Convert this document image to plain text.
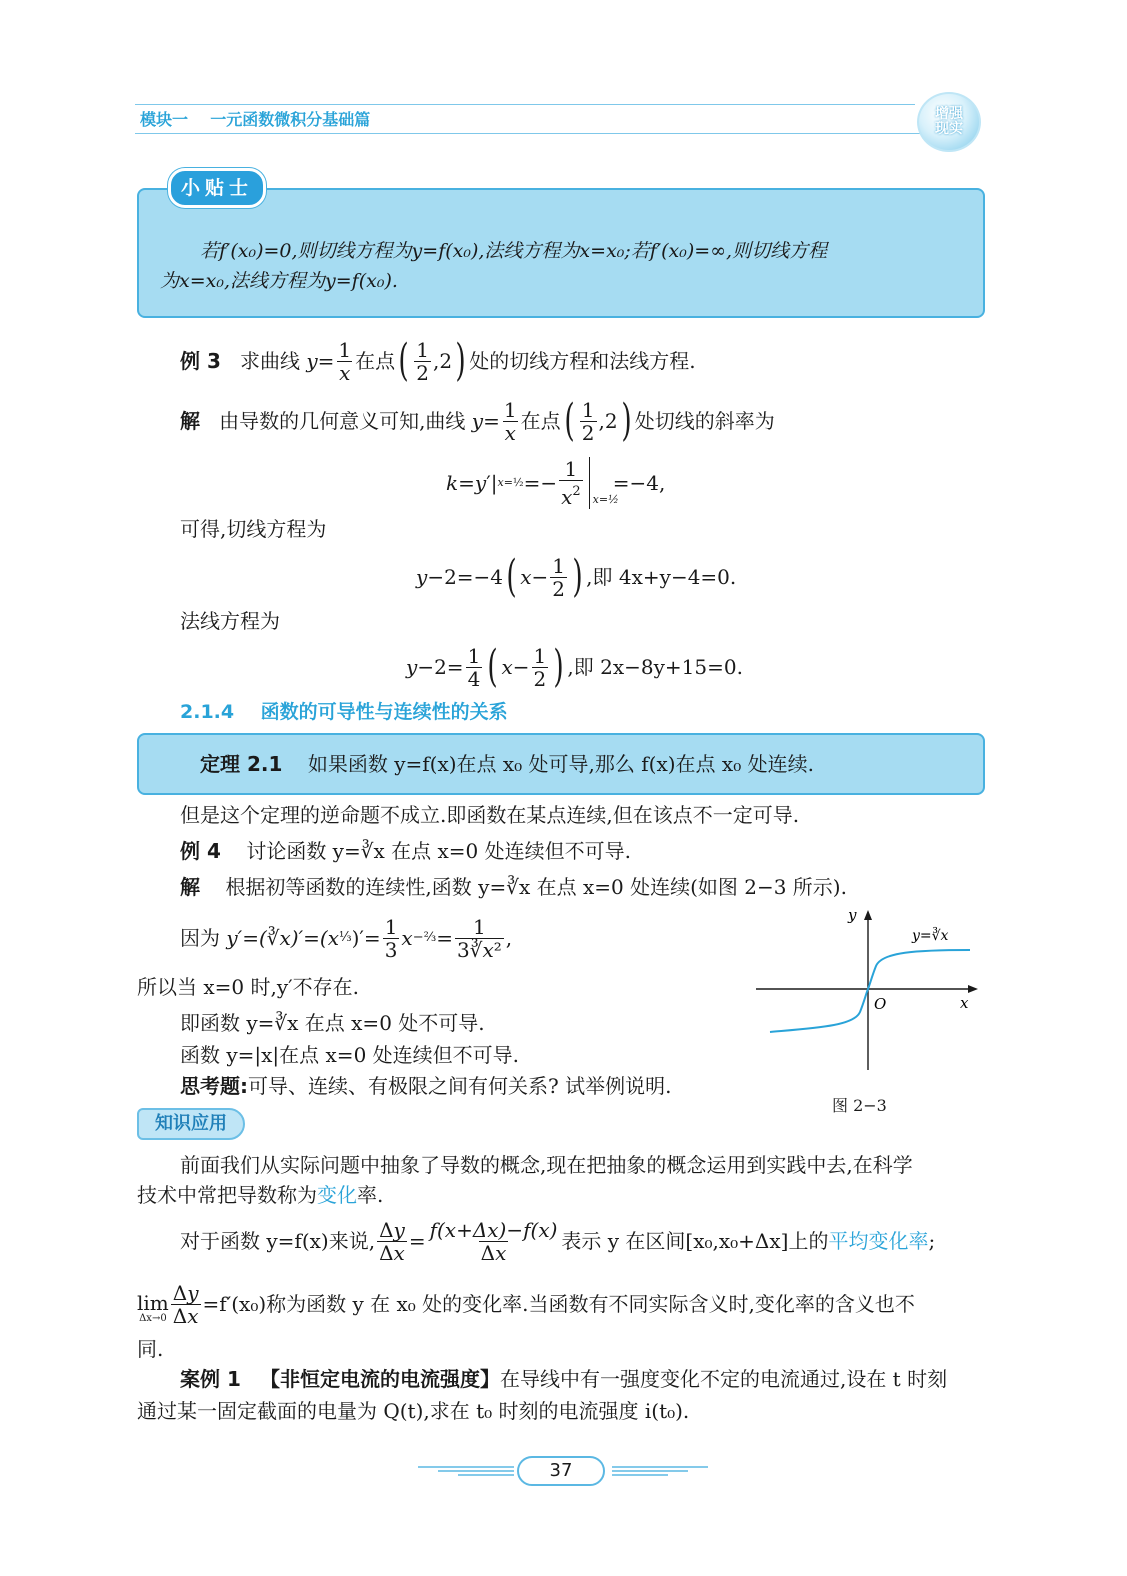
模块一 一元函数微积分基础篇	增强
现实
小贴士
若f′(x₀)=0,则切线方程为y=f(x₀),法线方程为x=x₀;若f′(x₀)=∞,则切线方程
为x=x₀,法线方程为y=f(x₀).
例 3
求曲线 $y = \frac{1}{x}$ 在点 ( $\frac{1}{2} ,2$ ) 处的切线方程和法线方程.
解
由导数的几何意义可知,曲线 $y = \frac{1}{x}$ 在点 ( $\frac{1}{2} ,2$ ) 处切线的斜率为
k = y ′| x =½ =− $\frac{1}{x^2}$ x=½

=−4,
可得,切线方程为
y −2=−4 ( $x - \frac{1}{2}$ ) ,即 4x+y−4=0.
法线方程为
$y -2= \frac{1}{4}$ ( $x - \frac{1}{2}$ ) ,即 2x−8y+15=0.
2.1.4 函数的可导性与连续性的关系
定理 2.1 如果函数 y=f(x)在点 x₀ 处可导,那么 f(x)在点 x₀ 处连续.
但是这个定理的逆命题不成立.即函数在某点连续,但在该点不一定可导.
例 4 讨论函数 y=∛x 在点 x=0 处连续但不可导.
解 根据初等函数的连续性,函数 y=∛x 在点 x=0 处连续(如图 2−3 所示).
因为
y′=(∛x)′=(x ⅓ )′= $\frac{1}{3}$ x −⅔ = $\frac{1}{\text{3∛x²}}$ ,
所以当 x=0 时,y′不存在.
即函数 y=∛x 在点 x=0 处不可导.
函数 y=|x|在点 x=0 处连续但不可导.
思考题:可导、连续、有极限之间有何关系? 试举例说明.
y
x
O
y=∛x
图 2−3
知识应用
前面我们从实际问题中抽象了导数的概念,现在把抽象的概念运用到实践中去,在科学
技术中常把导数称为变化率.
对于函数 y=f(x)来说, $\frac{\Delta y}{\Delta x} = \frac{f(x+\Delta x)-f(x)}{\Delta x}$ 表示 y 在区间[x₀,x₀+Δx]上的 平均变化率 ;
lim
$\Delta x\to 0 \frac{\Delta y}{\Delta x} =f'(x_0)$称为函数 y 在 x₀ 处的变化率.当函数有不同实际含义时,变化率的含义也不
同.
案例 1 【非恒定电流的电流强度】在导线中有一强度变化不定的电流通过,设在 t 时刻
通过某一固定截面的电量为 Q(t),求在 t₀ 时刻的电流强度 i(t₀).
37
